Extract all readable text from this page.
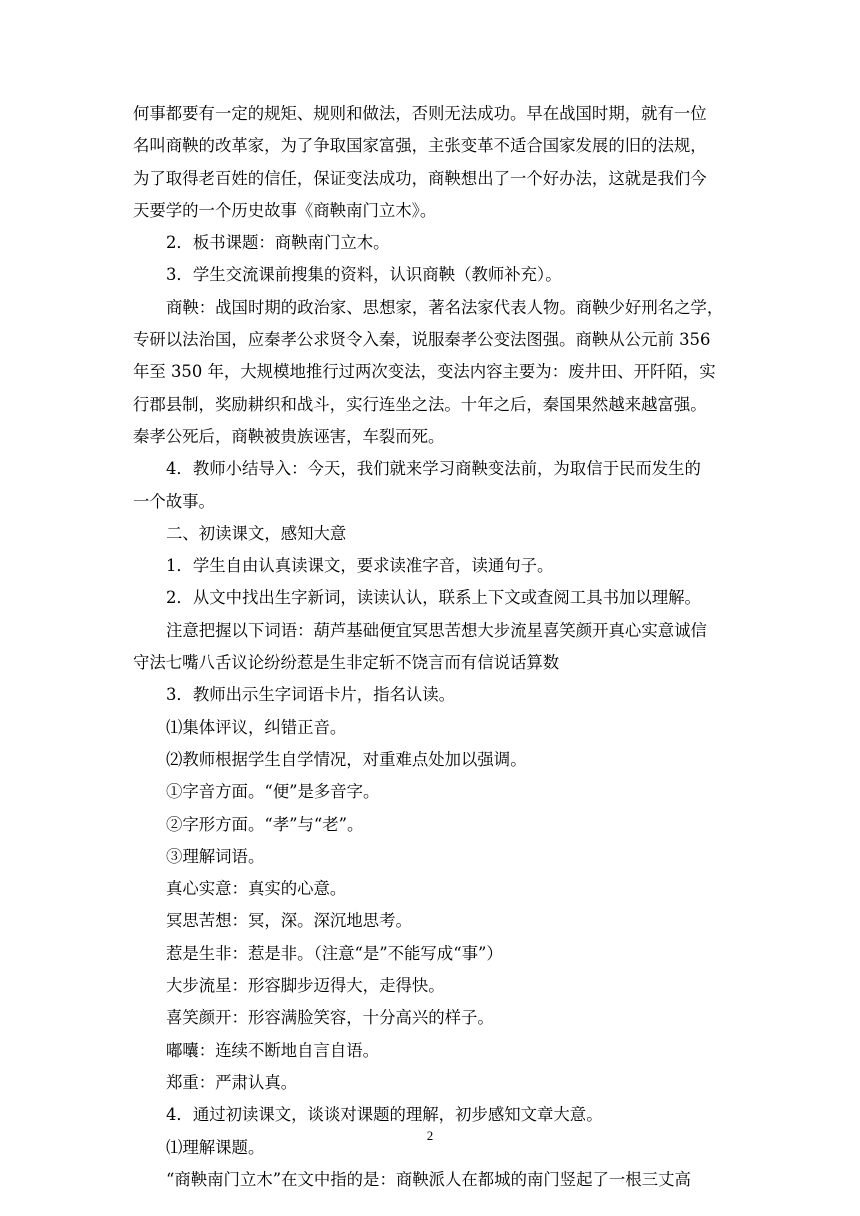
何事都要有一定的规矩、规则和做法，否则无法成功。早在战国时期，就有一位
名叫商鞅的改革家，为了争取国家富强，主张变革不适合国家发展的旧的法规，
为了取得老百姓的信任，保证变法成功，商鞅想出了一个好办法，这就是我们今
天要学的一个历史故事《商鞅南门立木》。
2．板书课题：商鞅南门立木。
3．学生交流课前搜集的资料，认识商鞅（教师补充）。
商鞅：战国时期的政治家、思想家，著名法家代表人物。商鞅少好刑名之学，
专研以法治国，应秦孝公求贤令入秦，说服秦孝公变法图强。商鞅从公元前 356
年至 350 年，大规模地推行过两次变法，变法内容主要为：废井田、开阡陌，实
行郡县制，奖励耕织和战斗，实行连坐之法。十年之后，秦国果然越来越富强。
秦孝公死后，商鞅被贵族诬害，车裂而死。
4．教师小结导入：今天，我们就来学习商鞅变法前，为取信于民而发生的
一个故事。
二、初读课文，感知大意
1．学生自由认真读课文，要求读准字音，读通句子。
2．从文中找出生字新词，读读认认，联系上下文或查阅工具书加以理解。
注意把握以下词语：葫芦基础便宜冥思苦想大步流星喜笑颜开真心实意诚信
守法七嘴八舌议论纷纷惹是生非定斩不饶言而有信说话算数
3．教师出示生字词语卡片，指名认读。
⑴集体评议，纠错正音。
⑵教师根据学生自学情况，对重难点处加以强调。
①字音方面。“便”是多音字。
②字形方面。“孝”与“老”。
③理解词语。
真心实意：真实的心意。
冥思苦想：冥，深。深沉地思考。
惹是生非：惹是非。（注意“是”不能写成“事”）
大步流星：形容脚步迈得大，走得快。
喜笑颜开：形容满脸笑容，十分高兴的样子。
嘟囔：连续不断地自言自语。
郑重：严肃认真。
4．通过初读课文，谈谈对课题的理解，初步感知文章大意。
⑴理解课题。
“商鞅南门立木”在文中指的是：商鞅派人在都城的南门竖起了一根三丈高
2
